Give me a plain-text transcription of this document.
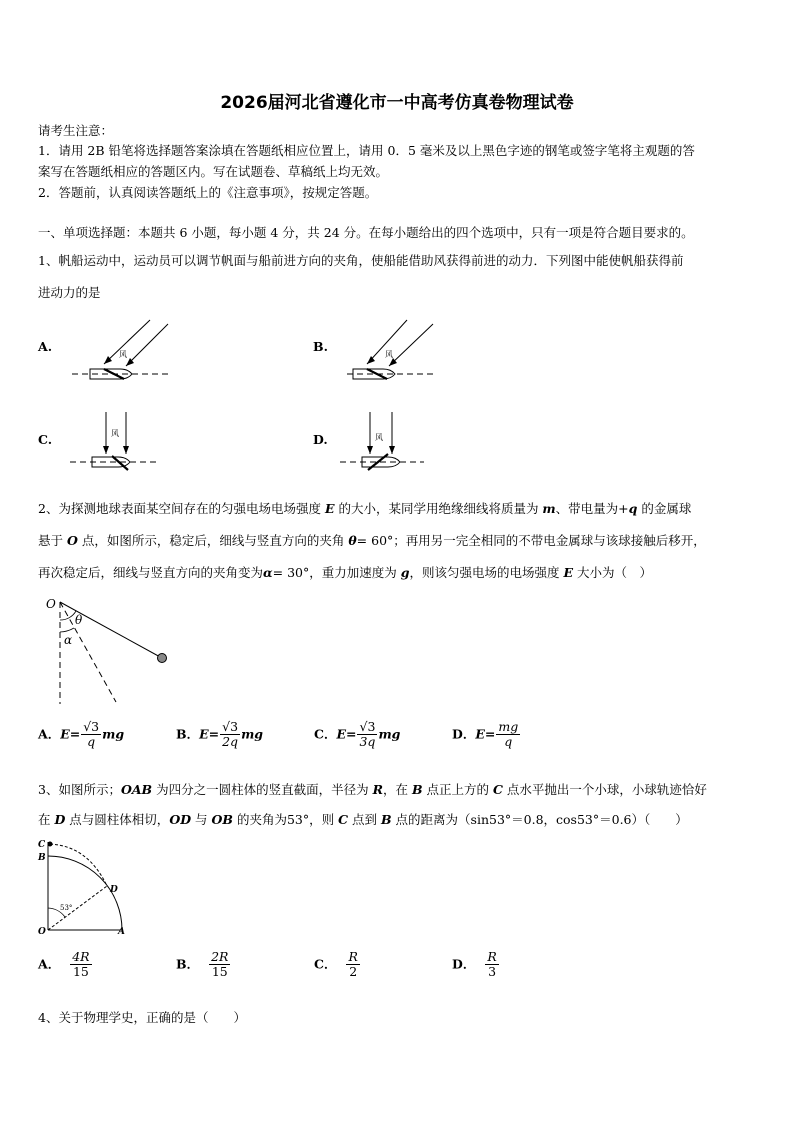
2026届河北省遵化市一中高考仿真卷物理试卷
请考生注意：
1．请用 2B 铅笔将选择题答案涂填在答题纸相应位置上，请用 0．5 毫米及以上黑色字迹的钢笔或签字笔将主观题的答
案写在答题纸相应的答题区内。写在试题卷、草稿纸上均无效。
2．答题前，认真阅读答题纸上的《注意事项》，按规定答题。
一、单项选择题：本题共 6 小题，每小题 4 分，共 24 分。在每小题给出的四个选项中，只有一项是符合题目要求的。
1、帆船运动中，运动员可以调节帆面与船前进方向的夹角，使船能借助风获得前进的动力．下列图中能使帆船获得前
进动力的是
A.	B.
C.	D.
风	风
风	风
2、为探测地球表面某空间存在的匀强电场电场强度 E 的大小，某同学用绝缘细线将质量为 m、带电量为+q 的金属球
悬于 O 点，如图所示，稳定后，细线与竖直方向的夹角 θ= 60°；再用另一完全相同的不带电金属球与该球接触后移开，
再次稳定后，细线与竖直方向的夹角变为α= 30°，重力加速度为 g，则该匀强电场的电场强度 E 大小为（　）
O
θ
α
A．$E= \frac{√3}{q}$ mg	B．$E= \frac{√3}{2q}$ mg	C．$E= \frac{√3}{3q}$ mg	D．$E= \frac{mg}{q}$
3、如图所示；OAB 为四分之一圆柱体的竖直截面，半径为 R，在 B 点正上方的 C 点水平抛出一个小球，小球轨迹恰好
在 D 点与圆柱体相切，OD 与 OB 的夹角为53°，则 C 点到 B 点的距离为（sin53°＝0.8，cos53°＝0.6）（　　）
C
B
D
O	A
53°
A． $\frac{4R}{15}$	B． $\frac{2R}{15}$	C． $\frac{R}{2}$	D． $\frac{R}{3}$
4、关于物理学史，正确的是（　　）
